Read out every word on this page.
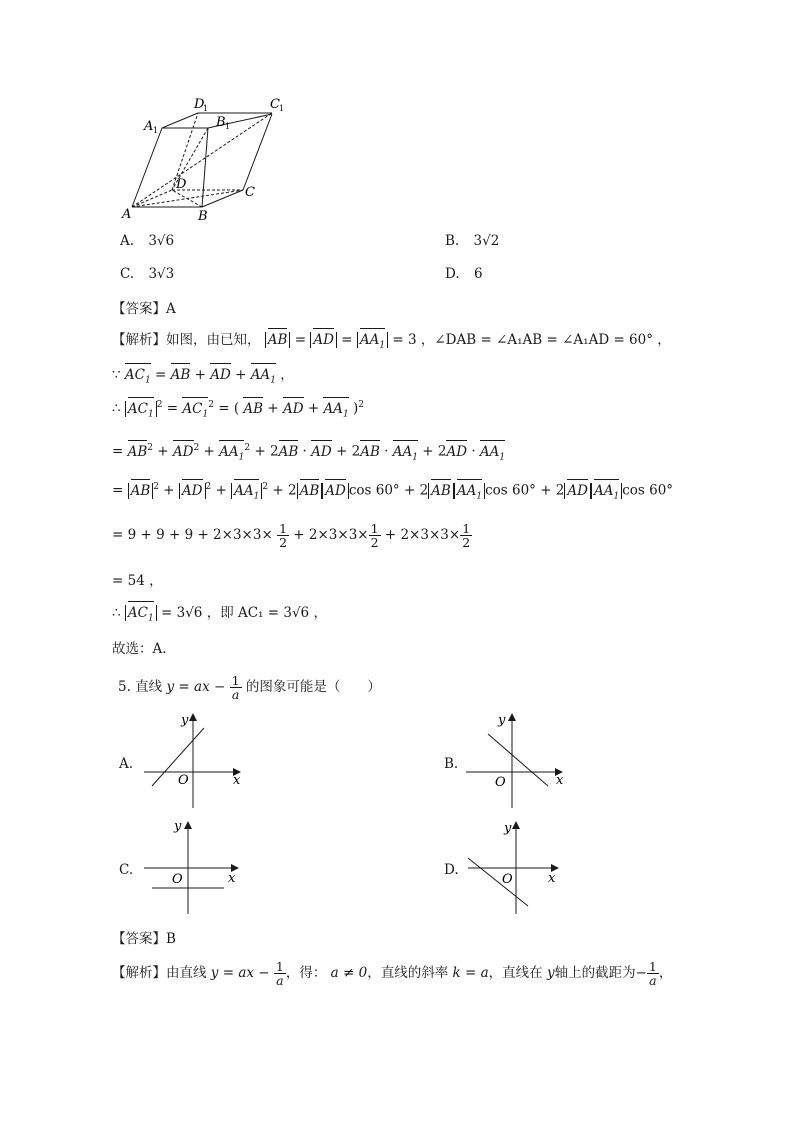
A	B
C
D
A 1
B 1
C 1
D
1
A. 3√6	B. 3√2
C. 3√3	D. 6
【答案】A
【解析】如图，由已知， AB = AD = $AA_1 = 3$ ，∠DAB = ∠A₁AB = ∠A₁AD = 60° ，
∵ $AC_1$ = AB + AD + $AA_1$ ，
∴ $AC_1^2 = AC_1^2$ = ( AB + AD + $AA_1$ )$^2$
= $AB^2 + AD^2 + AA_1^2 + 2AB$ · AD + $2AB \cdot AA_1 + 2AD \cdot AA_1$
= AB $^2$ + AD $^2 + AA_1^2 + 2$ AB AD cos 60° + 2 AB $AA_1$ cos 60° + 2 AD $AA_1$ cos 60°
= $9 + 9 + 9 + 2\times 3\times 3\times \frac{1}{2} + 2\times 3\times 3\times \frac{1}{2} + 2\times 3\times 3\times \frac{1}{2}$
= 54 ，
∴ $AC_1 = 3√6$ ，即 AC₁ = 3√6 ，
故选：A.
5. 直线 y = ax − $\frac{1}{a}$ 的图象可能是（　　）
A.
y
x
O
B.
y
x
O
C.
y
x
O
D.
y
x
O
【答案】B
【解析】由直线 y = ax − $\frac{1}{a}$ ，得： a ≠ 0，直线的斜率 k = a，直线在 y轴上的截距为− $\frac{1}{a}$ ，
